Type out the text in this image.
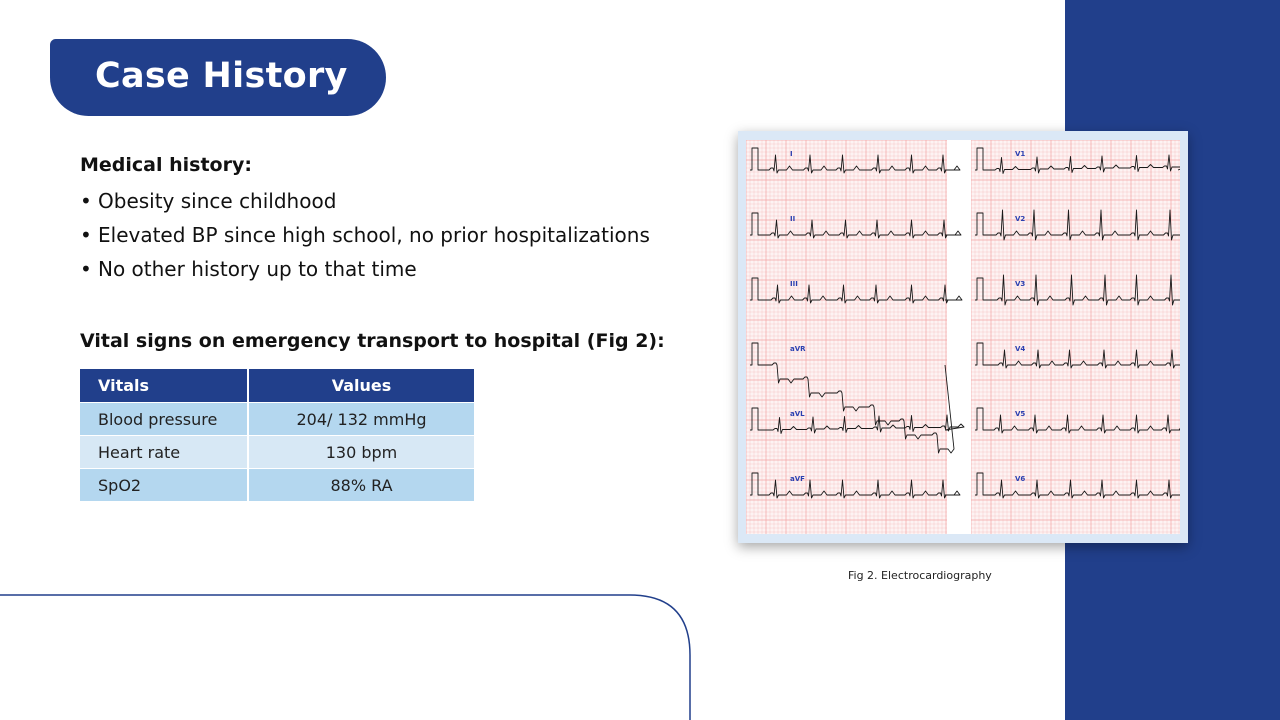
Case History
Medical history:
• Obesity since childhood
• Elevated BP since high school, no prior hospitalizations
• No other history up to that time
Vital signs on emergency transport to hospital (Fig 2):
Vitals	Values
Blood pressure	204/ 132 mmHg
Heart rate	130 bpm
SpO2	88% RA
I	V1
II	V2
III	V3
aVR	V4
aVL	V5
aVF	V6
Fig 2. Electrocardiography
